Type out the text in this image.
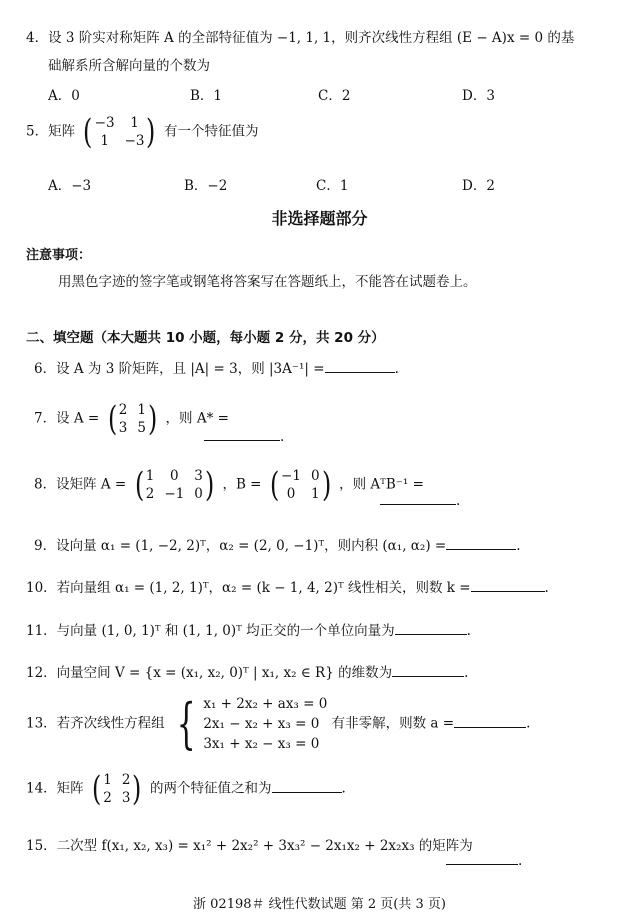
4．设 3 阶实对称矩阵 A 的全部特征值为 −1, 1, 1，则齐次线性方程组 (E − A)x = 0 的基
础解系所含解向量的个数为
A．0	B．1	C．2	D．3
5．矩阵 ( −3	1
1	−3 ) 有一个特征值为
A．−3	B．−2	C．1	D．2
非选择题部分
注意事项：
用黑色字迹的签字笔或钢笔将答案写在答题纸上，不能答在试题卷上。
二、填空题（本大题共 10 小题，每小题 2 分，共 20 分）
6．设 A 为 3 阶矩阵，且 |A| = 3，则 |3A⁻¹| =	.
7．设 A = ( 2 1
3 5 ) ，则 A* =
.
8．设矩阵 A = ( 1	0	3
2 −1 0 ) ，B = ( −1 0
0	1 ) ，则 AᵀB⁻¹ =
.
9．设向量 α₁ = (1, −2, 2)ᵀ，α₂ = (2, 0, −1)ᵀ，则内积 (α₁, α₂) =	.
10．若向量组 α₁ = (1, 2, 1)ᵀ，α₂ = (k − 1, 4, 2)ᵀ 线性相关，则数 k =	.
11．与向量 (1, 0, 1)ᵀ 和 (1, 1, 0)ᵀ 均正交的一个单位向量为	.
12．向量空间 V = {x = (x₁, x₂, 0)ᵀ | x₁, x₂ ∈ R} 的维数为	.
13．若齐次线性方程组 { x₁ + 2x₂ + ax₃ = 0
2x₁ − x₂ + x₃ = 0
3x₁ + x₂ − x₃ = 0
有非零解，则数 a =	.
14．矩阵 ( 1 2
2 3 ) 的两个特征值之和为	.
15．二次型 f(x₁, x₂, x₃) = x₁² + 2x₂² + 3x₃² − 2x₁x₂ + 2x₂x₃ 的矩阵为
.
浙 02198＃ 线性代数试题 第 2 页(共 3 页)
